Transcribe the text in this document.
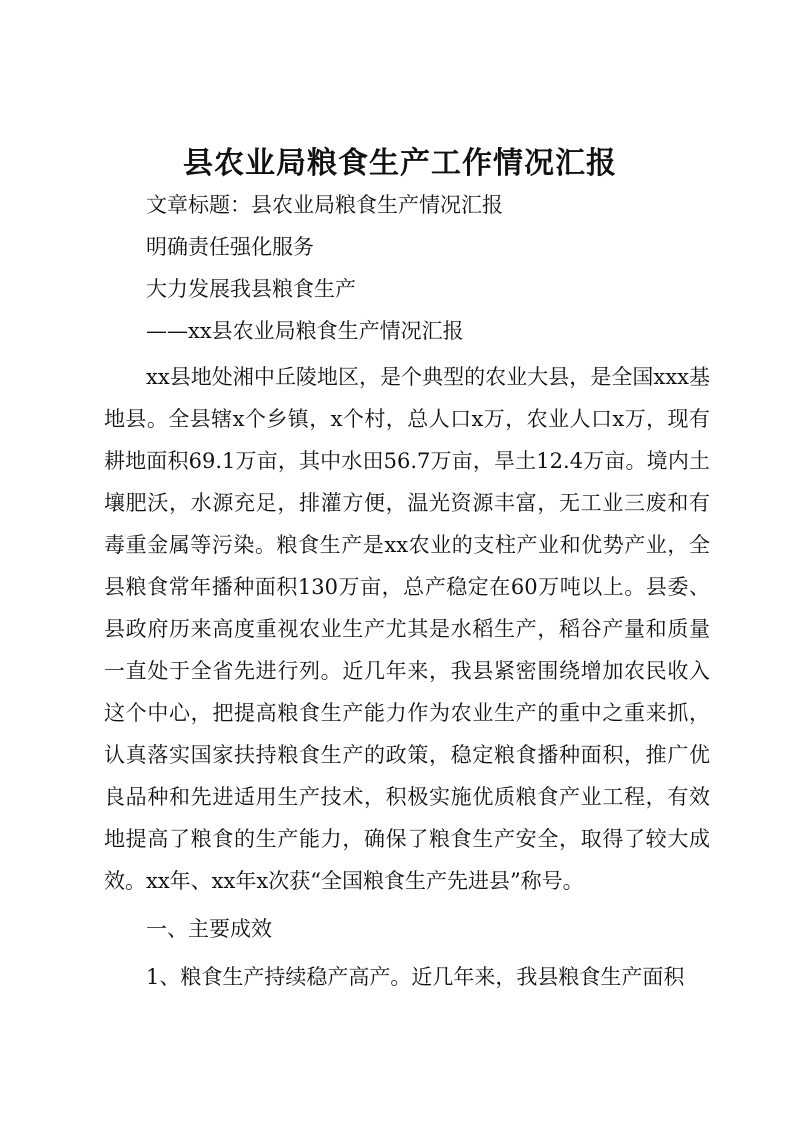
县农业局粮食生产工作情况汇报
文章标题：县农业局粮食生产情况汇报
明确责任强化服务
大力发展我县粮食生产
——xx县农业局粮食生产情况汇报

xx县地处湘中丘陵地区，是个典型的农业大县，是全国xxx基地县。全县辖x个乡镇，x个村，总人口x万，农业人口x万，现有耕地面积69.1万亩，其中水田56.7万亩，旱土12.4万亩。境内土壤肥沃，水源充足，排灌方便，温光资源丰富，无工业三废和有毒重金属等污染。粮食生产是xx农业的支柱产业和优势产业，全县粮食常年播种面积130万亩，总产稳定在60万吨以上。县委、县政府历来高度重视农业生产尤其是水稻生产，稻谷产量和质量一直处于全省先进行列。近几年来，我县紧密围绕增加农民收入这个中心，把提高粮食生产能力作为农业生产的重中之重来抓，认真落实国家扶持粮食生产的政策，稳定粮食播种面积，推广优良品种和先进适用生产技术，积极实施优质粮食产业工程，有效地提高了粮食的生产能力，确保了粮食生产安全，取得了较大成效。xx年、xx年x次获“全国粮食生产先进县”称号。

一、主要成效

1、粮食生产持续稳产高产。近几年来，我县粮食生产面积
